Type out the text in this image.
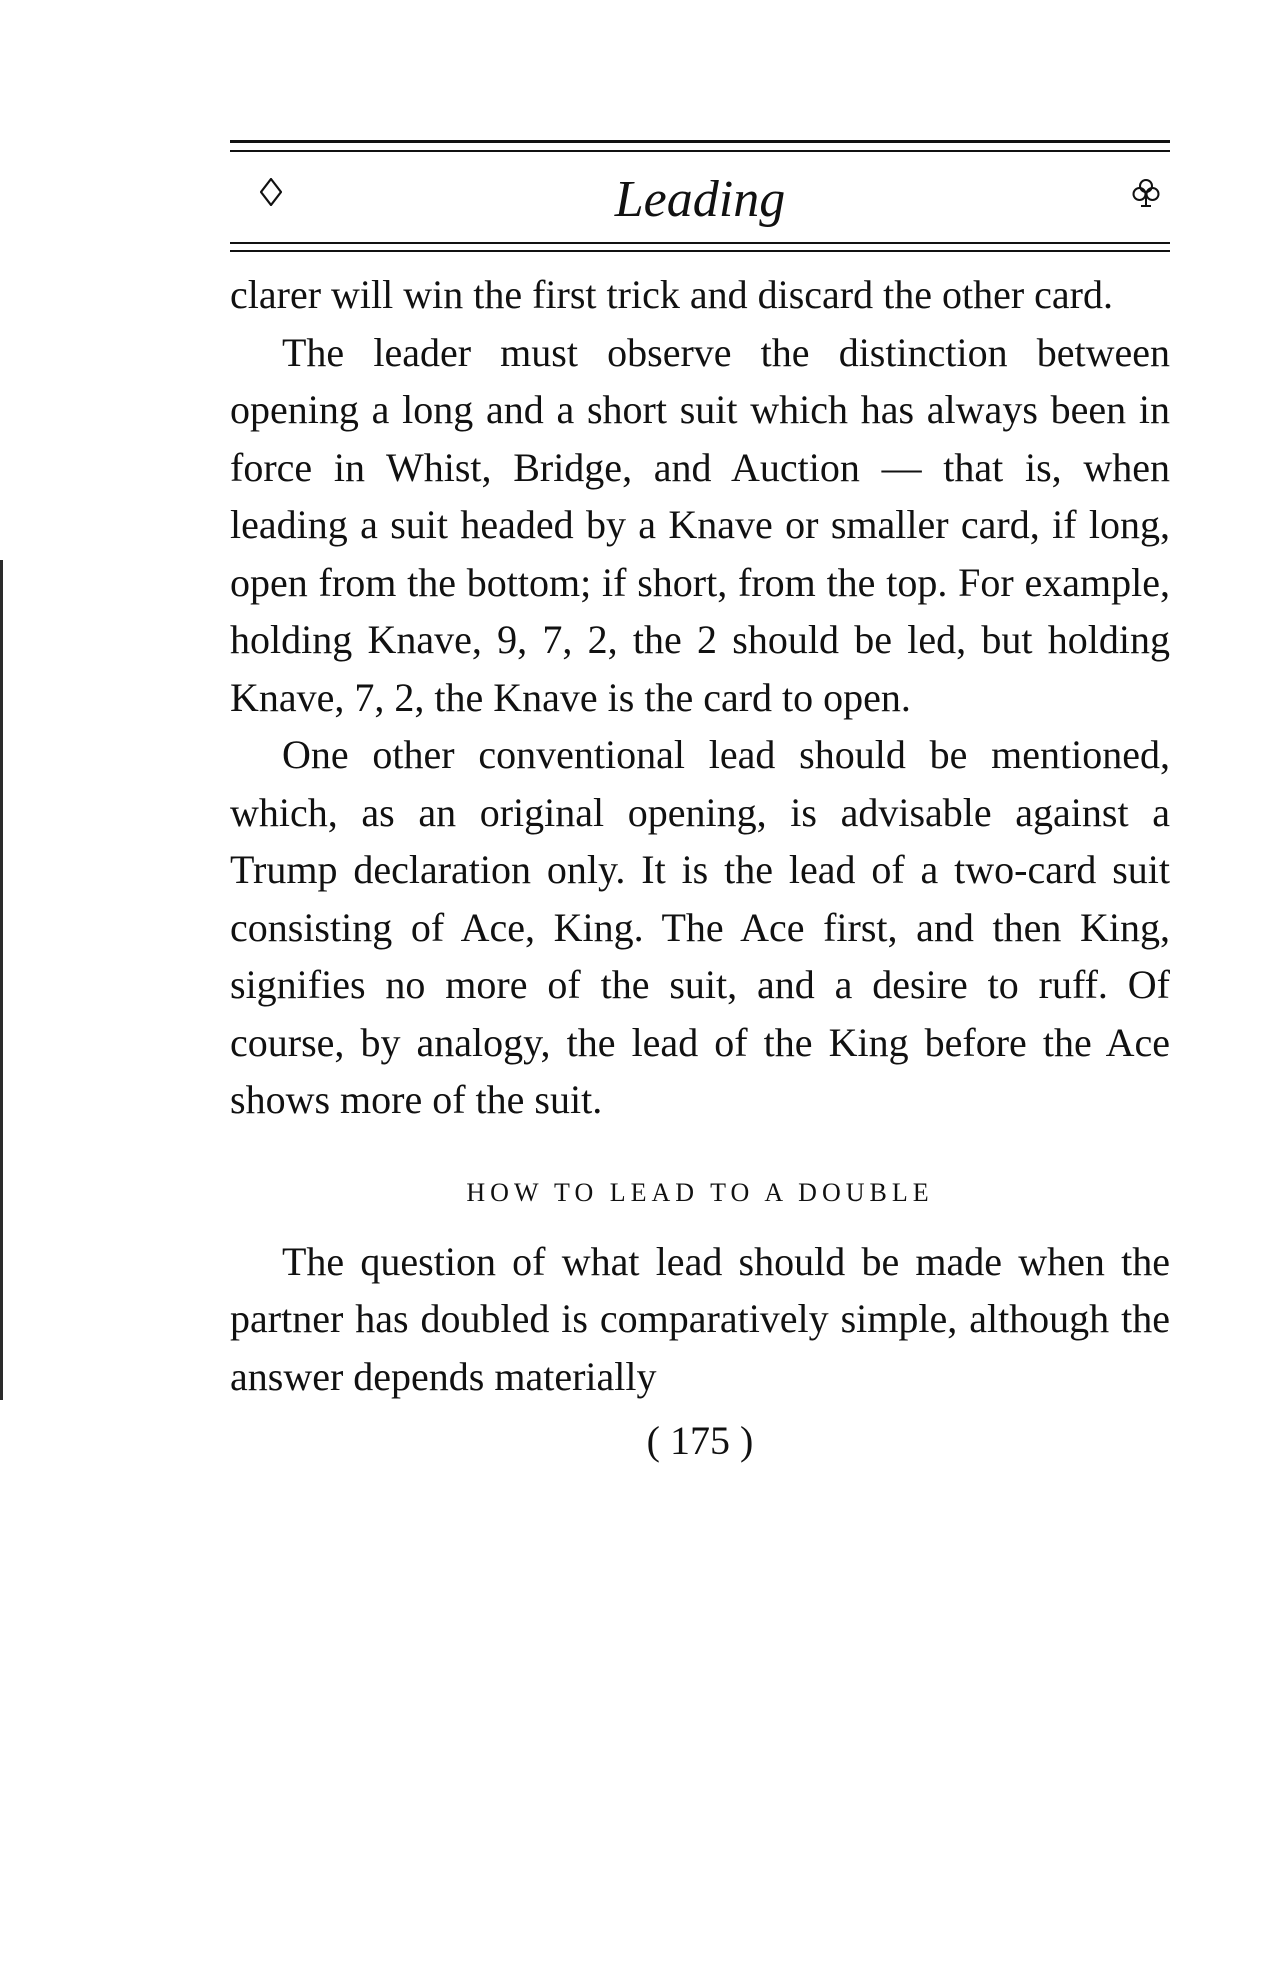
Leading

clarer will win the first trick and discard the other card.

The leader must observe the distinction between opening a long and a short suit which has always been in force in Whist, Bridge, and Auction — that is, when leading a suit headed by a Knave or smaller card, if long, open from the bottom; if short, from the top. For example, holding Knave, 9, 7, 2, the 2 should be led, but holding Knave, 7, 2, the Knave is the card to open.

One other conventional lead should be mentioned, which, as an original opening, is advisable against a Trump declaration only. It is the lead of a two-card suit consisting of Ace, King. The Ace first, and then King, signifies no more of the suit, and a desire to ruff. Of course, by analogy, the lead of the King before the Ace shows more of the suit.

HOW TO LEAD TO A DOUBLE

The question of what lead should be made when the partner has doubled is comparatively simple, although the answer depends materially

( 175 )
